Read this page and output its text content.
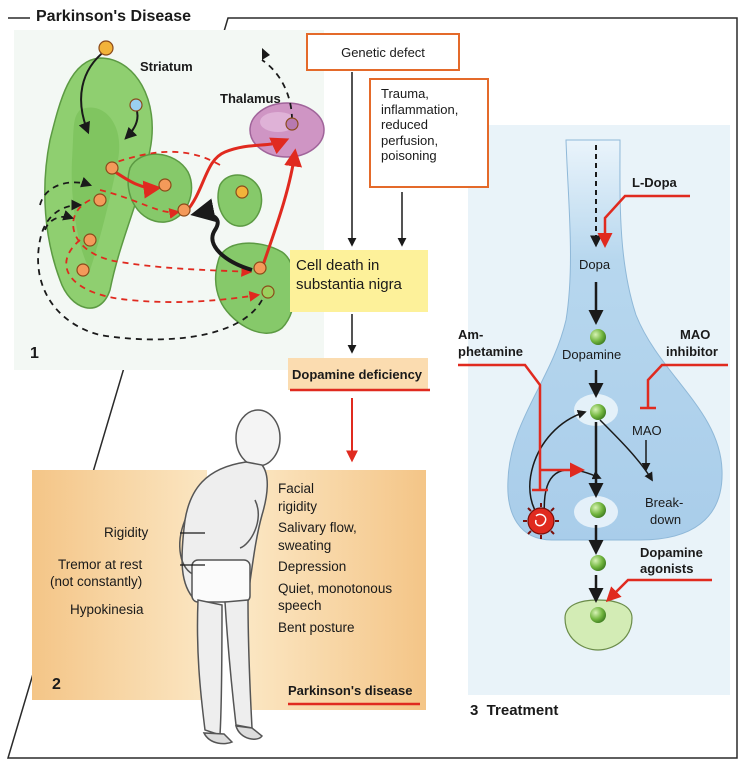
Parkinson's Disease
Striatum
Thalamus
1
Genetic defect
Trauma,
inflammation,
reduced
perfusion,
poisoning
Cell death in
substantia nigra
Dopamine deficiency
Rigidity
Tremor at rest
(not constantly)
Hypokinesia
2
Facial
rigidity
Salivary flow,
sweating
Depression
Quiet, monotonous
speech
Bent posture
Parkinson's disease
L-Dopa
Dopa
Dopamine
Am-
phetamine
MAO
inhibitor
MAO
Break-
down
Dopamine
agonists
3  Treatment
